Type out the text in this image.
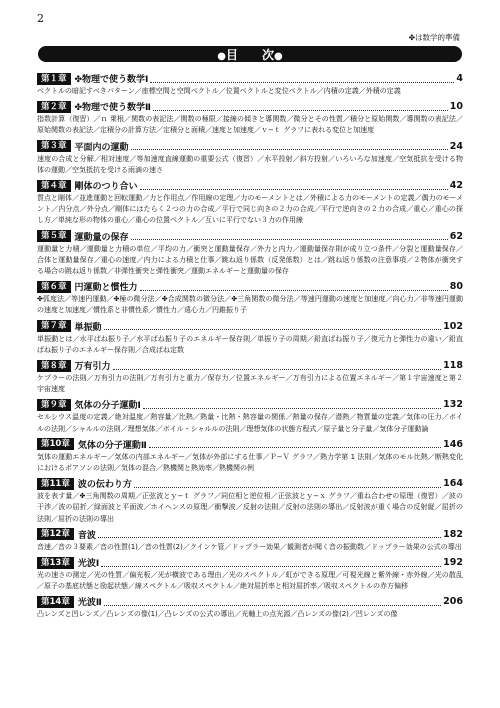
2
✤は数学的準備
●目 次●
第１章 ✤物理で使う数学Ⅰ	4
ベクトルの暗記すべきパターン／座標空間と空間ベクトル／位置ベクトルと変位ベクトル／内積の定義／外積の定義
第２章 ✤物理で使う数学Ⅱ	10
指数計算（復習）／ｎ 乗根／関数の表記法／関数の極限／接線の傾きと導関数／微分とその性質／積分と原始関数／導関数の表記法／原始関数の表記法／定積分の計算方法／定積分と面積／速度と加速度／ｖ−ｔ グラフに表れる変位と加速度
第３章 平面内の運動	24
速度の合成と分解／相対速度／等加速度直線運動の重要公式（復習）／水平投射／斜方投射／いろいろな加速度／空気抵抗を受ける物体の運動／空気抵抗を受ける雨滴の速さ
第４章 剛体のつり合い	42
質点と剛体／並進運動と回転運動／力と作用点／作用線の定理／力のモーメントとは／外積による力のモーメントの定義／偶力のモーメント／内分点／外分点／剛体にはたらく２つの力の合成／平行で同じ向きの２力の合成／平行で逆向きの２力の合成／重心／重心の探し方／単純な形の物体の重心／重心の位置ベクトル／互いに平行でない３力の作用線
第５章 運動量の保存	62
運動量と力積／運動量と力積の単位／平均の力／衝突と運動量保存／外力と内力／運動量保存則が成り立つ条件／分裂と運動量保存／合体と運動量保存／重心の速度／内力による力積と仕事／跳ね返り係数（反発係数）とは／跳ね返り係数の注意事項／２物体が衝突する場合の跳ね返り係数／非弾性衝突と弾性衝突／運動エネルギーと運動量の保存
第６章 円運動と慣性力	80
✤弧度法／等速円運動／✤極の微分法／✤合成関数の微分法／✤三角関数の微分法／等速円運動の速度と加速度／向心力／非等速円運動の速度と加速度／慣性系と非慣性系／慣性力／遠心力／円錐振り子
第７章 単振動	102
単振動とは／水平ばね振り子／水平ばね振り子のエネルギー保存則／単振り子の周期／鉛直ばね振り子／復元力と弾性力の違い／鉛直ばね振り子のエネルギー保存則／合成ばね定数
第８章 万有引力	118
ケプラーの法則／万有引力の法則／万有引力と重力／保存力／位置エネルギー／万有引力による位置エネルギー／第１宇宙速度と第２宇宙速度
第９章 気体の分子運動Ⅰ	132
セルシウス温度の定義／絶対温度／熱容量／比熱／熱量・比熱・熱容量の関係／熱量の保存／潜熱／物質量の定義／気体の圧力／ボイルの法則／シャルルの法則／理想気体／ボイル・シャルルの法則／理想気体の状態方程式／原子量と分子量／気体分子運動論
第10章 気体の分子運動Ⅱ	146
気体の運動エネルギー／気体の内部エネルギー／気体が外部にする仕事／Ｐ−Ｖ グラフ／熱力学第 1 法則／気体のモル比熱／断熱変化におけるポアソンの法則／気体の混合／熱機関と熱効率／熱機関の例
第11章 波の伝わり方	164
波を表す量／✤三角関数の周期／正弦波とｙ−ｔ グラフ／同位相と逆位相／正弦波とｙ−ｘ グラフ／重ね合わせの原理（復習）／波の干渉／波の屈折／緑面波と平面波／ホイヘンスの原理／衝撃波／反射の法則／反射の法則の導出／反射波が重く場合の反射縦／屈折の法則／屈折の法則の導出
第12章 音波	182
音速／音の３要素／音の性質(1)／音の性質(2)／クインケ管／ドップラー効果／観測者が聞く音の振動数／ドップラー効果の公式の導出
第13章 光波Ⅰ	192
光の速さの測定／光の性質／偏光板／光が横波である理由／光のスペクトル／虹ができる原理／可視光線と紫外線・赤外線／光の散乱／原子の基底状態と励起状態／線スペクトル／吸収スペクトル／絶対屈折率と相対屈折率／吸収スペクトルの赤方偏移
第14章 光波Ⅱ	206
凸レンズと凹レンズ／凸レンズの像(1)／凸レンズの公式の導出／光軸上の点光源／凸レンズの像(2)／凹レンズの像
